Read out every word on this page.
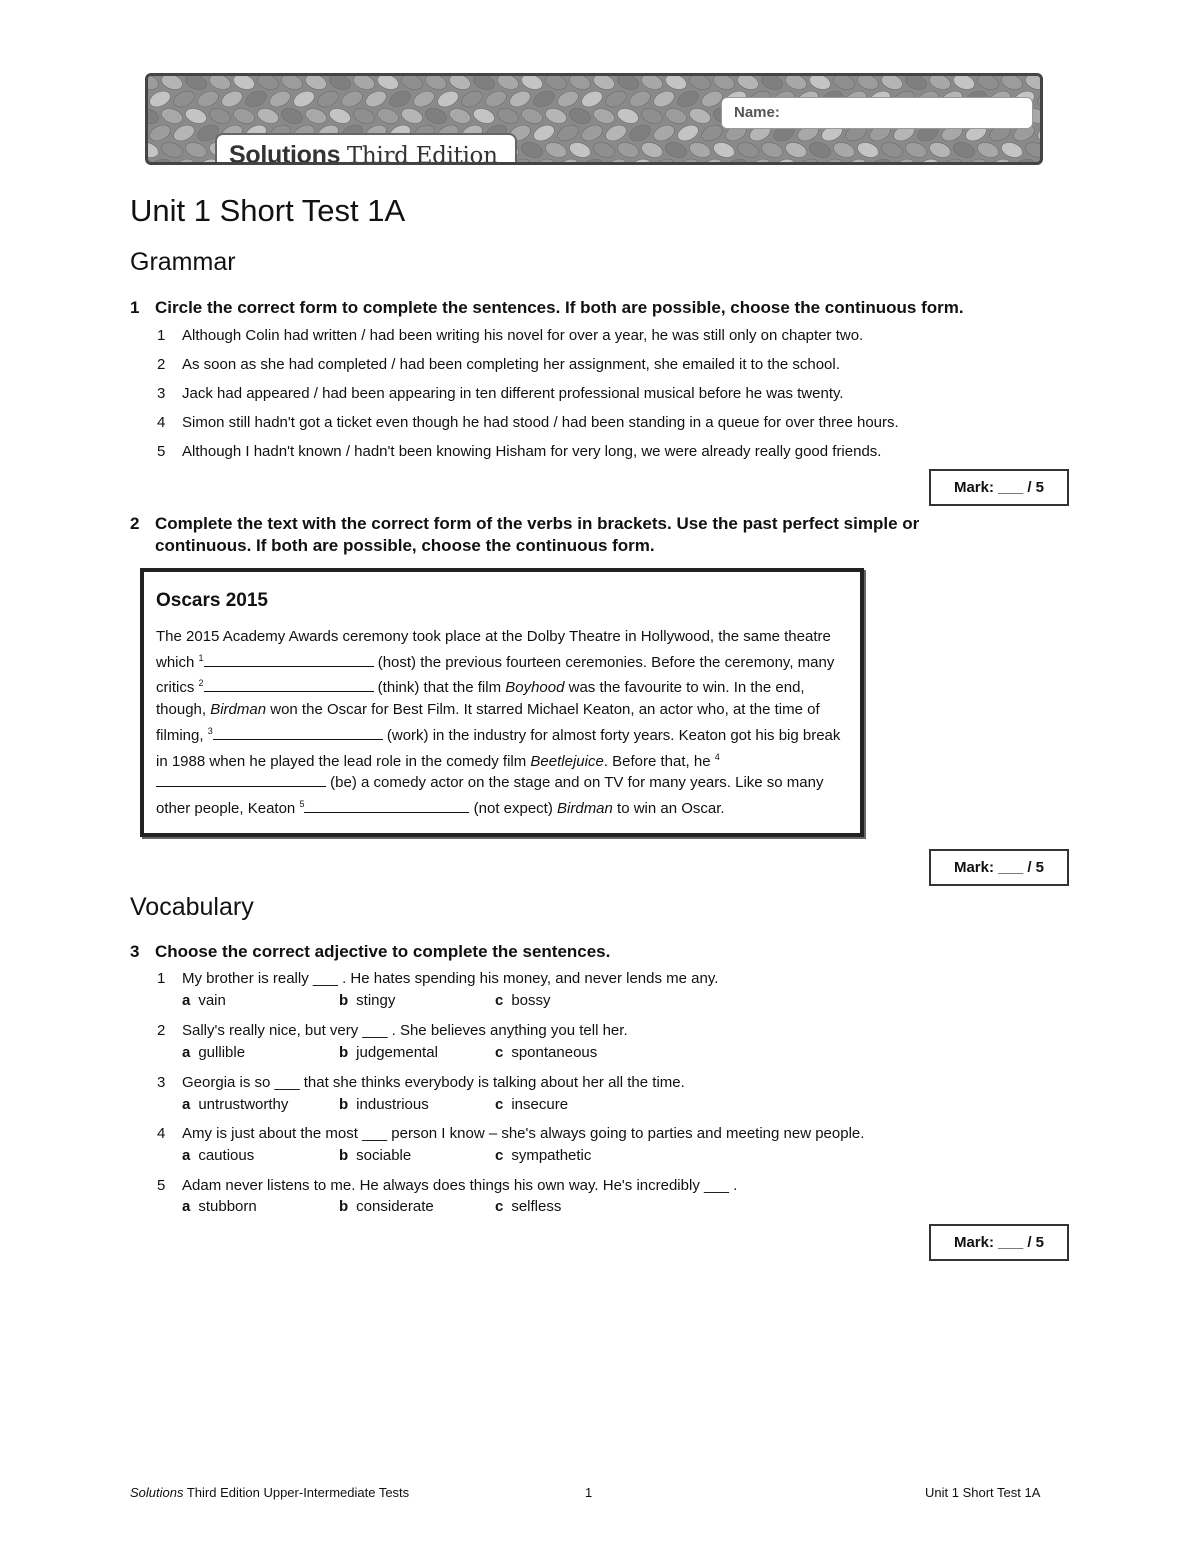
Name:
Solutions Third Edition
Unit 1 Short Test 1A
Grammar
1 Circle the correct form to complete the sentences. If both are possible, choose the continuous form.
1 Although Colin had written / had been writing his novel for over a year, he was still only on chapter two.
2 As soon as she had completed / had been completing her assignment, she emailed it to the school.
3 Jack had appeared / had been appearing in ten different professional musical before he was twenty.
4 Simon still hadn't got a ticket even though he had stood / had been standing in a queue for over three hours.
5 Although I hadn't known / hadn't been knowing Hisham for very long, we were already really good friends.
Mark: ___ / 5
2 Complete the text with the correct form of the verbs in brackets. Use the past perfect simple or
continuous. If both are possible, choose the continuous form.
Oscars 2015
The 2015 Academy Awards ceremony took place at the Dolby Theatre in Hollywood, the same theatre which $^1$	(host) the previous fourteen ceremonies. Before the ceremony, many critics $^2$	(think) that the film Boyhood was the favourite to win. In the end, though, Birdman won the Oscar for Best Film. It starred Michael Keaton, an actor who, at the time of filming, $^3$	(work) in the industry for almost forty years. Keaton got his big break in 1988 when he played the lead role in the comedy film Beetlejuice. Before that, he $^4$ (be) a comedy actor on the stage and on TV for many years. Like so many other people, Keaton $^5$	(not expect) Birdman to win an Oscar.
Mark: ___ / 5
Vocabulary
3 Choose the correct adjective to complete the sentences.
1 My brother is really ___ . He hates spending his money, and never lends me any.
a vain	b stingy	c bossy
2 Sally's really nice, but very ___ . She believes anything you tell her.
a gullible	b judgemental	c spontaneous
3 Georgia is so ___ that she thinks everybody is talking about her all the time.
a untrustworthy	b industrious	c insecure
4 Amy is just about the most ___ person I know – she's always going to parties and meeting new people.
a cautious	b sociable	c sympathetic
5 Adam never listens to me. He always does things his own way. He's incredibly ___ .
a stubborn	b considerate	c selfless
Mark: ___ / 5
Solutions Third Edition Upper-Intermediate Tests	1	Unit 1 Short Test 1A
